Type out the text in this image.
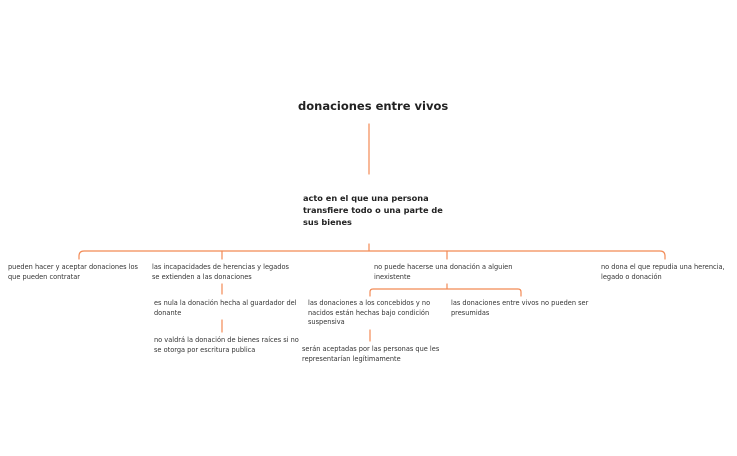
donaciones entre vivos
acto en el que una persona transfiere todo o una parte de sus bienes
pueden hacer y aceptar donaciones los que pueden contratar
las incapacidades de herencias y legados se extienden a las donaciones
es nula la donación hecha al guardador del donante
no valdrá la donación de bienes raíces si no se otorga por escritura publica
no puede hacerse una donación a alguien inexistente
las donaciones a los concebidos y no nacidos están hechas bajo condición suspensiva
las donaciones entre vivos no pueden ser presumidas
serán aceptadas por las personas que les representarían legítimamente
no dona el que repudia una herencia, legado o donación
